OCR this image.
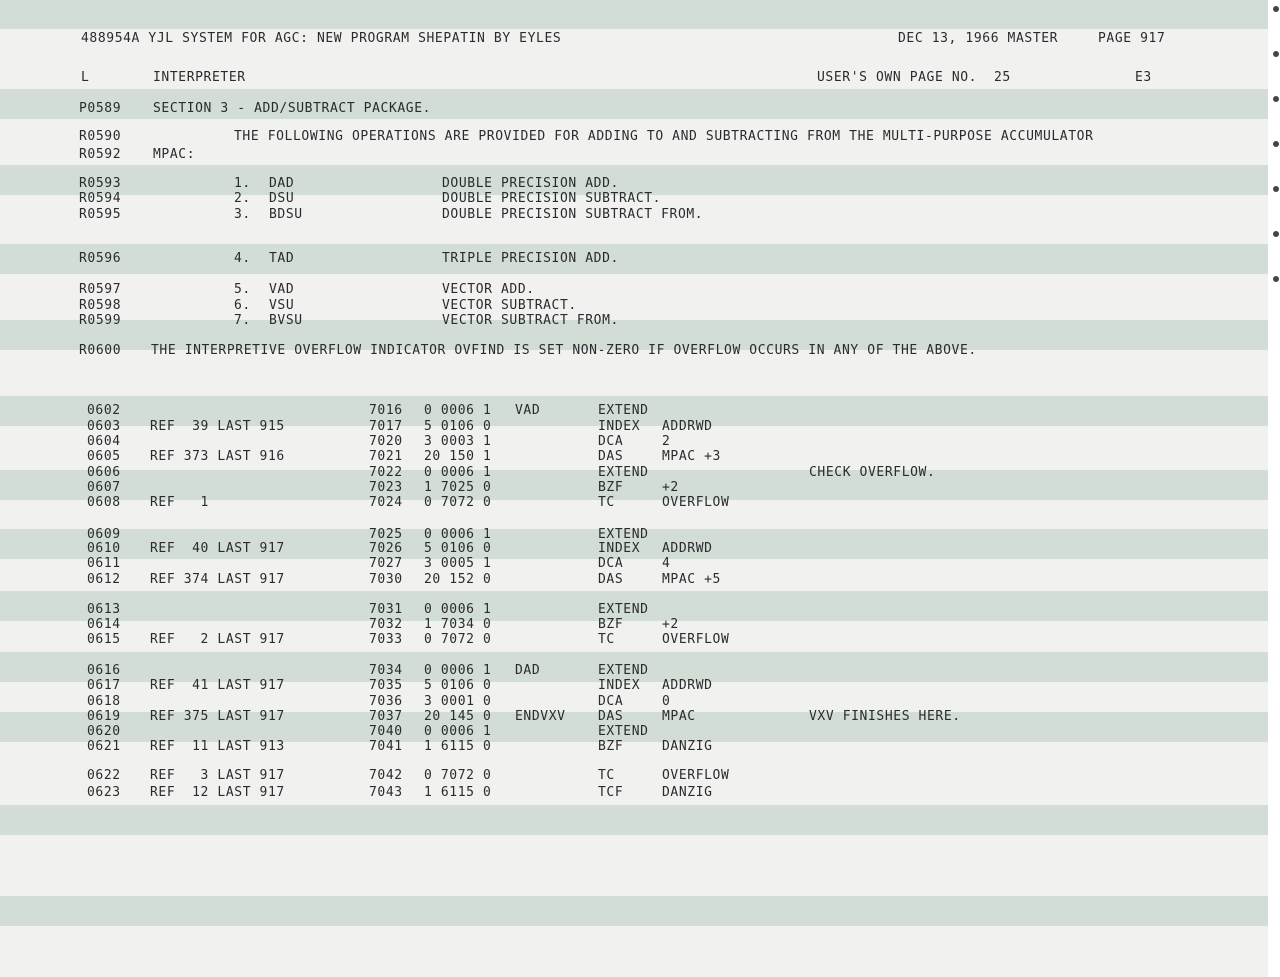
488954A YJL SYSTEM FOR AGC: NEW PROGRAM SHEPATIN BY EYLES	DEC 13, 1966 MASTER	PAGE 917
L	INTERPRETER	USER'S OWN PAGE NO.  25	E3
P0589 SECTION 3 - ADD/SUBTRACT PACKAGE.
R0590	THE FOLLOWING OPERATIONS ARE PROVIDED FOR ADDING TO AND SUBTRACTING FROM THE MULTI-PURPOSE ACCUMULATOR
R0592 MPAC:
R0593	1. DAD	DOUBLE PRECISION ADD.
R0594	2. DSU	DOUBLE PRECISION SUBTRACT.
R0595	3. BDSU	DOUBLE PRECISION SUBTRACT FROM.
R0596	4. TAD	TRIPLE PRECISION ADD.
R0597	5. VAD	VECTOR ADD.
R0598	6. VSU	VECTOR SUBTRACT.
R0599	7. BVSU	VECTOR SUBTRACT FROM.
R0600 THE INTERPRETIVE OVERFLOW INDICATOR OVFIND IS SET NON-ZERO IF OVERFLOW OCCURS IN ANY OF THE ABOVE.
0602	7016 0 0006 1 VAD	EXTEND
0603 REF  39 LAST 915	7017 5 0106 0	INDEX ADDRWD
0604	7020 3 0003 1	DCA	2
0605 REF 373 LAST 916	7021 20 150 1	DAS	MPAC +3
0606	7022 0 0006 1	EXTEND	CHECK OVERFLOW.
0607	7023 1 7025 0	BZF	+2
0608 REF   1	7024 0 7072 0	TC	OVERFLOW
0609	7025 0 0006 1	EXTEND
0610 REF  40 LAST 917	7026 5 0106 0	INDEX ADDRWD
0611	7027 3 0005 1	DCA	4
0612 REF 374 LAST 917	7030 20 152 0	DAS	MPAC +5
0613	7031 0 0006 1	EXTEND
0614	7032 1 7034 0	BZF	+2
0615 REF   2 LAST 917	7033 0 7072 0	TC	OVERFLOW
0616	7034 0 0006 1 DAD	EXTEND
0617 REF  41 LAST 917	7035 5 0106 0	INDEX ADDRWD
0618	7036 3 0001 0	DCA	0
0619 REF 375 LAST 917	7037 20 145 0 ENDVXV DAS	MPAC	VXV FINISHES HERE.
0620	7040 0 0006 1	EXTEND
0621 REF  11 LAST 913	7041 1 6115 0	BZF	DANZIG
0622 REF   3 LAST 917	7042 0 7072 0	TC	OVERFLOW
0623 REF  12 LAST 917	7043 1 6115 0	TCF	DANZIG
